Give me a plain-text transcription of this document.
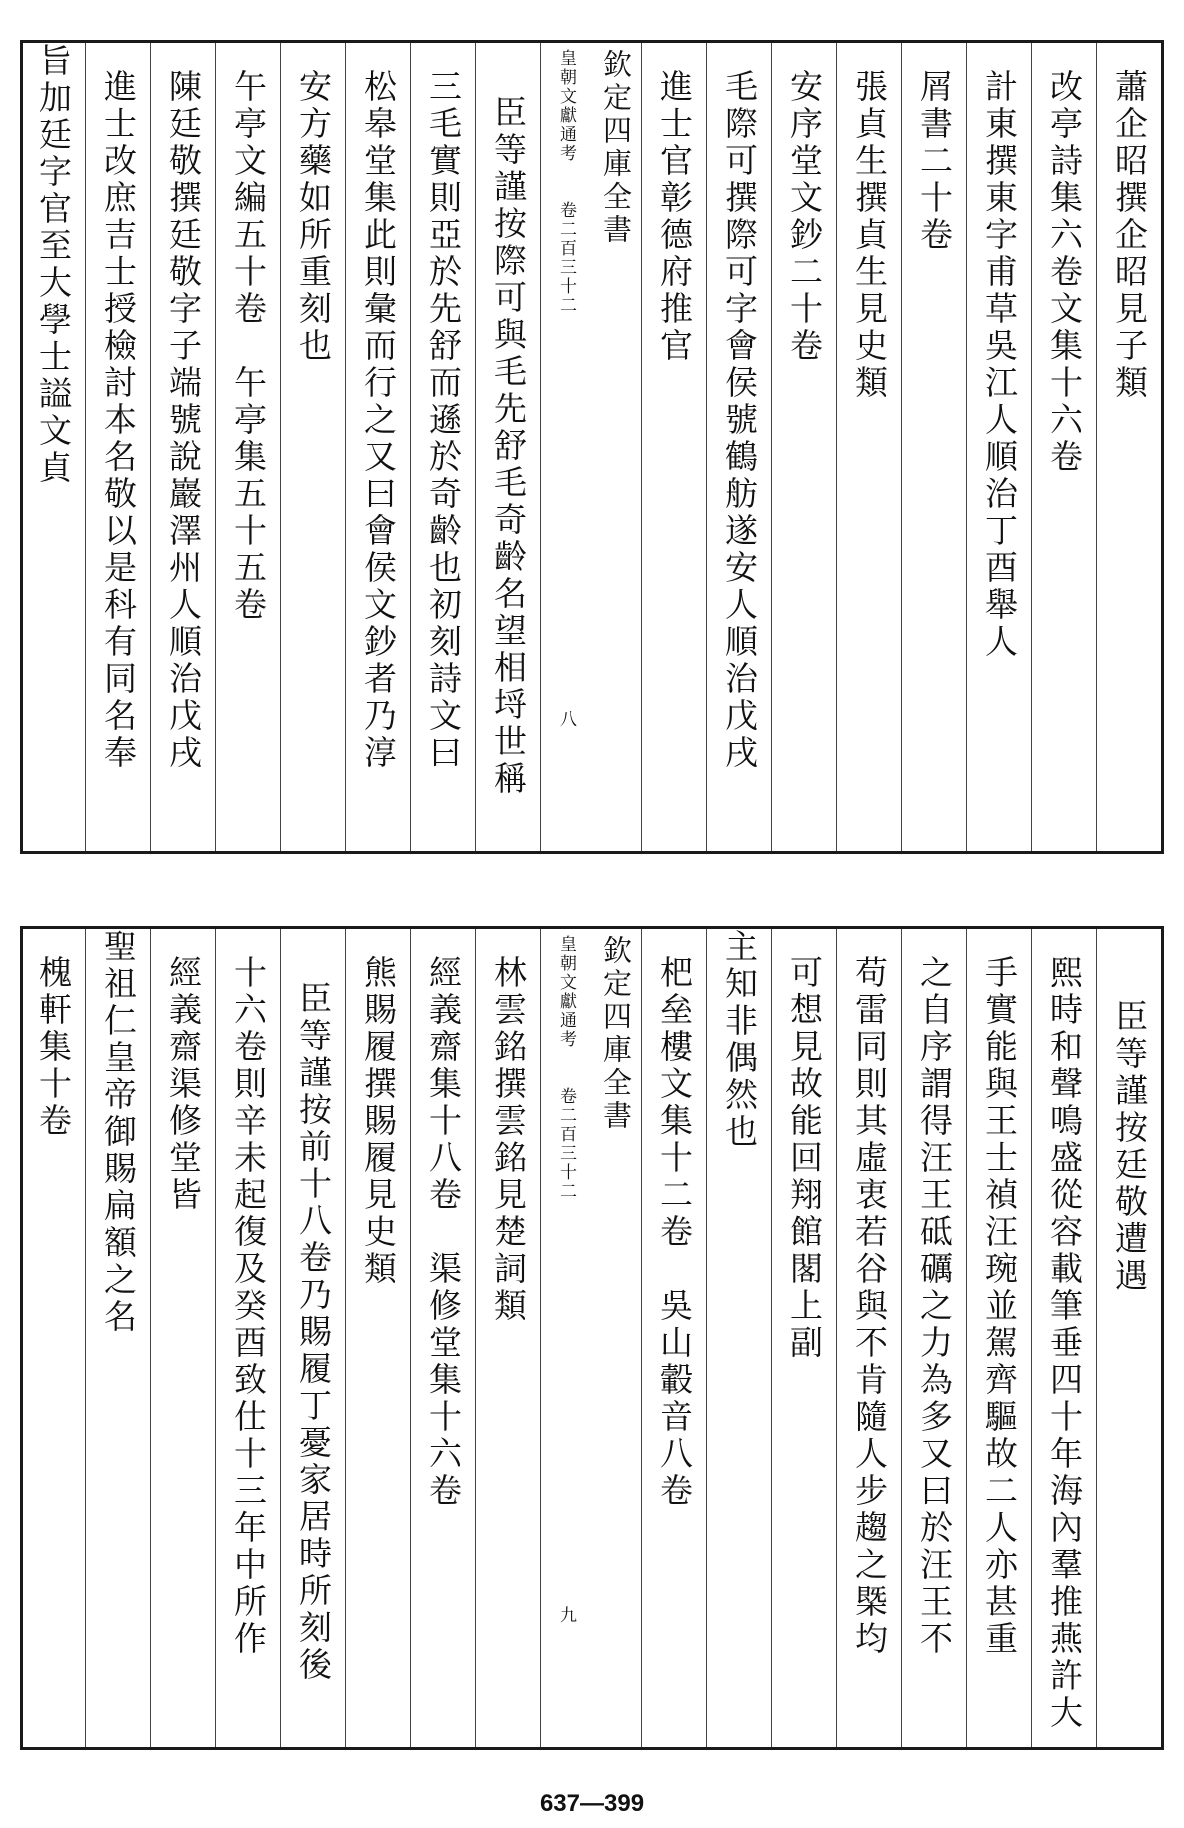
蕭企昭撰企昭見子類
改亭詩集六卷文集十六卷
計東撰東字甫草吳江人順治丁酉舉人
屑書二十卷
張貞生撰貞生見史類
安序堂文鈔二十卷
毛際可撰際可字會侯號鶴舫遂安人順治戊戌
進士官彰德府推官
欽定四庫全書
皇朝文獻通考 卷二百三十二
八
臣等謹按際可與毛先舒毛奇齡名望相埒世稱
三毛實則亞於先舒而遜於奇齡也初刻詩文曰
松皋堂集此則彙而行之又曰會侯文鈔者乃淳
安方藥如所重刻也
午亭文編五十卷　午亭集五十五卷
陳廷敬撰廷敬字子端號說巖澤州人順治戊戌
進士改庶吉士授檢討本名敬以是科有同名奉
旨加廷字官至大學士謚文貞
臣等謹按廷敬遭遇
熙時和聲鳴盛從容載筆垂四十年海內羣推燕許大
手實能與王士禎汪琬並駕齊驅故二人亦甚重
之自序謂得汪王砥礪之力為多又曰於汪王不
苟雷同則其虛衷若谷與不肯隨人步趨之槩均
可想見故能回翔館閣上副
主知非偶然也
杷垒樓文集十二卷　吳山轂音八卷
欽定四庫全書
皇朝文獻通考 卷二百三十二
九
林雲銘撰雲銘見楚詞類
經義齋集十八卷　渠修堂集十六卷
熊賜履撰賜履見史類
臣等謹按前十八卷乃賜履丁憂家居時所刻後
十六卷則辛未起復及癸酉致仕十三年中所作
經義齋渠修堂皆
聖祖仁皇帝御賜扁額之名
槐軒集十卷
637—399
